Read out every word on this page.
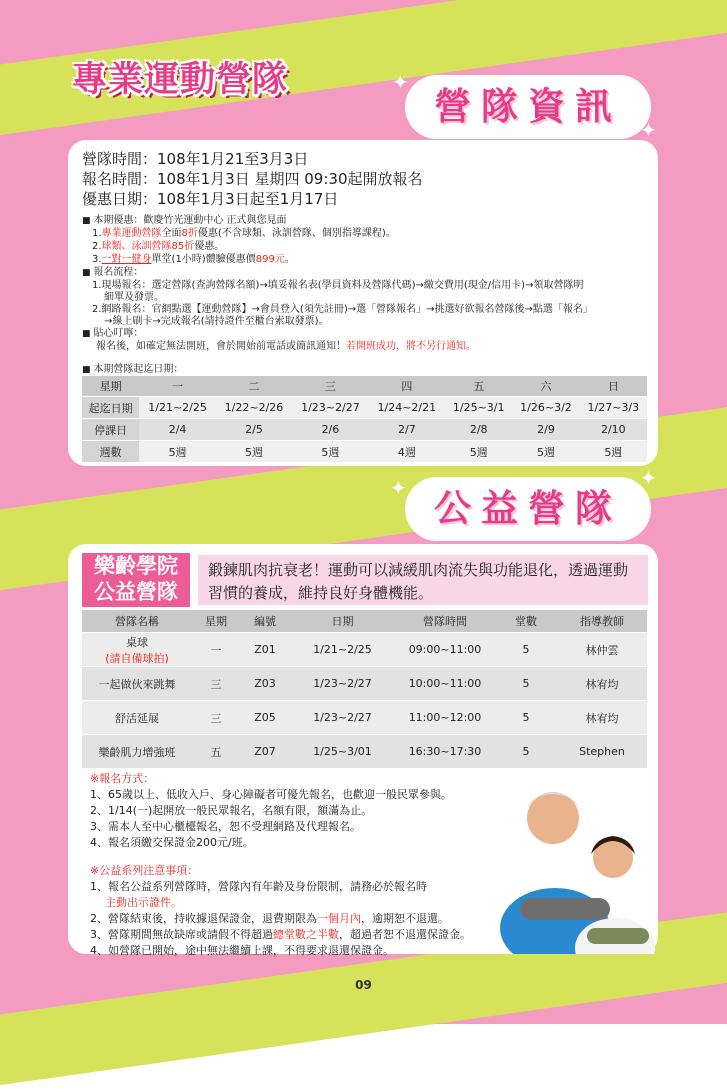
專業運動營隊
營隊資訊
✦
✦
營隊時間：108年1月21至3月3日
報名時間：108年1月3日 星期四 09:30起開放報名
優惠日期：108年1月3日起至1月17日
■ 本期優惠：歡慶竹光運動中心 正式與您見面
1.專業運動營隊全面8折優惠(不含球類、泳訓營隊、個別指導課程)。
2.球類、泳訓營隊85折優惠。
3.一對一健身單堂(1小時)體驗優惠價899元。
■ 報名流程：
1.現場報名：選定營隊(查詢營隊名額)→填妥報名表(學員資料及營隊代碼)→繳交費用(現金/信用卡)→領取營隊明
細單及發票。
2.網路報名：官網點選【運動營隊】→會員登入(須先註冊)→選「營隊報名」→挑選好欲報名營隊後→點選「報名」
→線上刷卡→完成報名(請持證件至櫃台索取發票)。
■ 貼心叮嚀：
報名後，如確定無法開班，會於開始前電話或簡訊通知！若開班成功，將不另行通知。
■ 本期營隊起迄日期：
星期	一	二	三	四	五	六	日
起迄日期	1/21~2/25	1/22~2/26	1/23~2/27	1/24~2/21	1/25~3/1	1/26~3/2	1/27~3/3
停課日	2/4	2/5	2/6	2/7	2/8	2/9	2/10
週數	5週	5週	5週	4週	5週	5週	5週
公益營隊
✦	✦
樂齡學院
公益營隊
鍛鍊肌肉抗衰老！運動可以減緩肌肉流失與功能退化，透過運動習慣的養成，維持良好身體機能。
營隊名稱	星期	編號	日期	營隊時間	堂數	指導教師

桌球
(請自備球拍)	一	Z01	1/21~2/25	09:00~11:00	5	林仲雲
一起做伙來跳舞	三	Z03	1/23~2/27	10:00~11:00	5	林宥均
舒活延展	三	Z05	1/23~2/27	11:00~12:00	5	林宥均
樂齡肌力增強班	五	Z07	1/25~3/01	16:30~17:30	5	Stephen
※報名方式：
1、65歲以上、低收入戶、身心障礙者可優先報名，也歡迎一般民眾參與。
2、1/14(一)起開放一般民眾報名，名額有限，額滿為止。
3、需本人至中心櫃檯報名，恕不受理網路及代理報名。
4、報名須繳交保證金200元/班。
※公益系列注意事項：
1、報名公益系列營隊時，營隊內有年齡及身份限制，請務必於報名時
主動出示證件。
2、營隊結束後，持收據退保證金，退費期限為一個月內，逾期恕不退還。
3、營隊期間無故缺席或請假不得超過總堂數之半數，超過者恕不退還保證金。
4、如營隊已開始，途中無法繼續上課，不得要求退還保證金。
09
